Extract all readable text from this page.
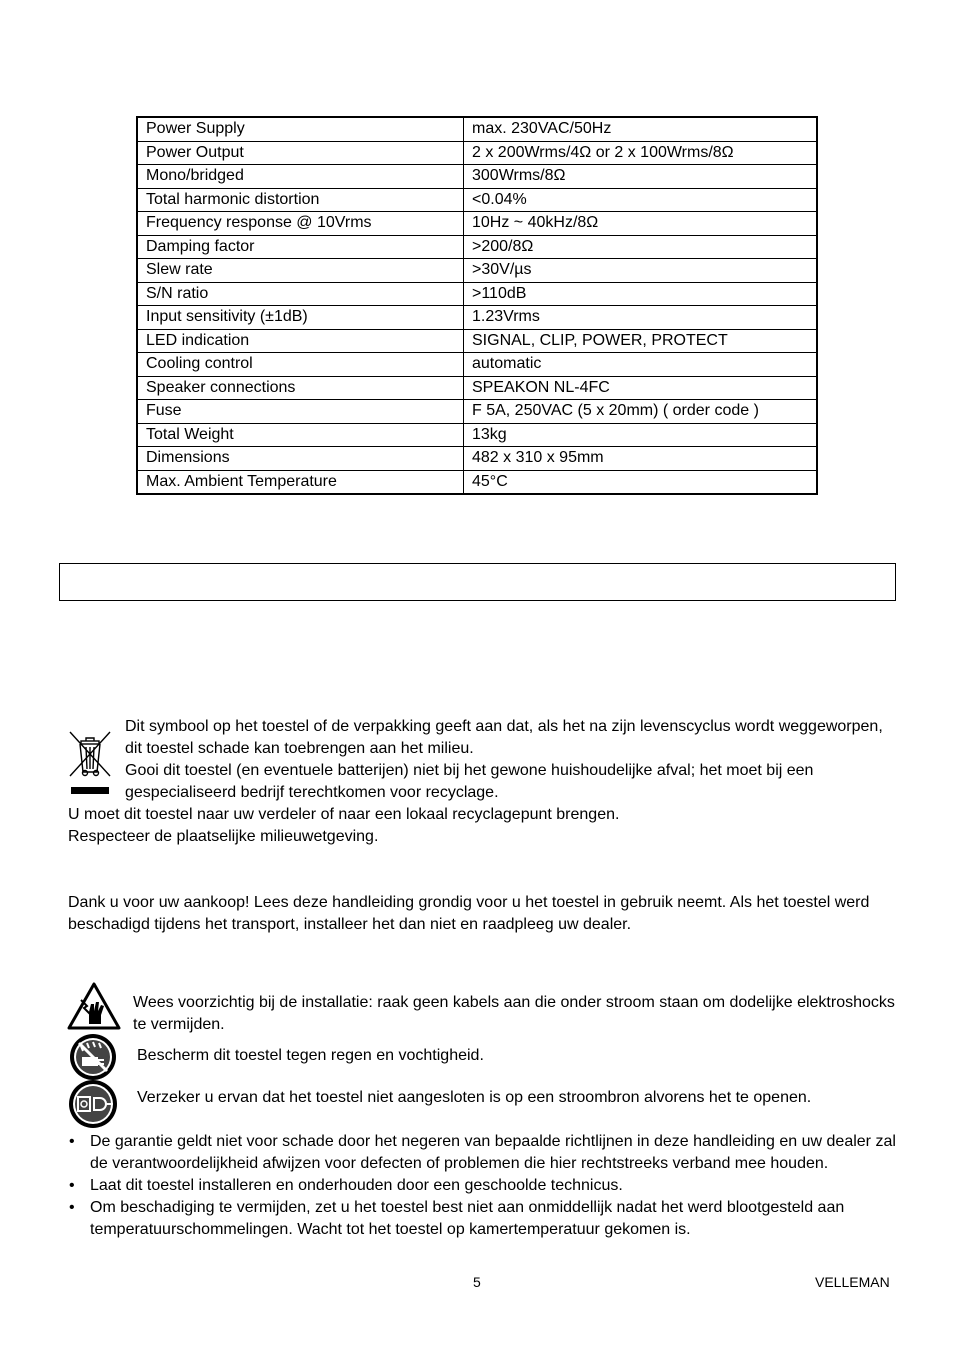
Power Supply	max. 230VAC/50Hz
Power Output	2 x 200Wrms/4Ω or 2 x 100Wrms/8Ω
Mono/bridged	300Wrms/8Ω
Total harmonic distortion	<0.04%
Frequency response @ 10Vrms	10Hz ~ 40kHz/8Ω
Damping factor	>200/8Ω
Slew rate	>30V/µs
S/N ratio	>110dB
Input sensitivity (±1dB)	1.23Vrms
LED indication	SIGNAL, CLIP, POWER, PROTECT
Cooling control	automatic
Speaker connections	SPEAKON NL-4FC
Fuse	F 5A, 250VAC (5 x 20mm) ( order code )
Total Weight	13kg
Dimensions	482 x 310 x 95mm
Max. Ambient Temperature	45°C

Dit symbool op het toestel of de verpakking geeft aan dat, als het na zijn levenscyclus wordt weggeworpen,

dit toestel schade kan toebrengen aan het milieu.

Gooi dit toestel (en eventuele batterijen) niet bij het gewone huishoudelijke afval; het moet bij een

gespecialiseerd bedrijf terechtkomen voor recyclage.

U moet dit toestel naar uw verdeler of naar een lokaal recyclagepunt brengen.

Respecteer de plaatselijke milieuwetgeving.

Dank u voor uw aankoop! Lees deze handleiding grondig voor u het toestel in gebruik neemt. Als het toestel werd

beschadigd tijdens het transport, installeer het dan niet en raadpleeg uw dealer.

Wees voorzichtig bij de installatie: raak geen kabels aan die onder stroom staan om dodelijke elektroshocks

te vermijden.

Bescherm dit toestel tegen regen en vochtigheid.

Verzeker u ervan dat het toestel niet aangesloten is op een stroombron alvorens het te openen.

• De garantie geldt niet voor schade door het negeren van bepaalde richtlijnen in deze handleiding en uw dealer zal
de verantwoordelijkheid afwijzen voor defecten of problemen die hier rechtstreeks verband mee houden.
• Laat dit toestel installeren en onderhouden door een geschoolde technicus.
• Om beschadiging te vermijden, zet u het toestel best niet aan onmiddellijk nadat het werd blootgesteld aan
temperatuurschommelingen. Wacht tot het toestel op kamertemperatuur gekomen is.
5	VELLEMAN
